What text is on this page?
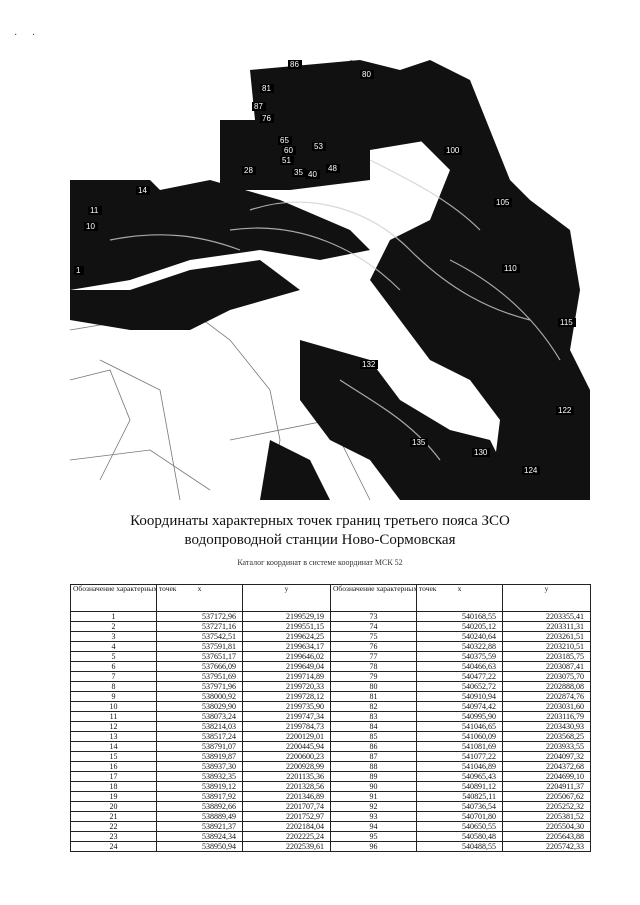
· ·
86
80
81
87
76
65
60	53
51
28	35 40
48
14
11
10
1
100
105
110
115
122
132
135
130
124
Координаты характерных точек границ третьего пояса ЗСО
водопроводной станции Ново-Сормовская
Каталог координат в системе координат МСК 52
Обозначение характерных точек	x	y	Обозначение характерных точек	x	y
1	537172,96	2199529,19	73	540168,55	2203355,41
2	537271,16	2199551,15	74	540205,12	2203311,31
3	537542,51	2199624,25	75	540240,64	2203261,51
4	537591,81	2199634,17	76	540322,88	2203210,51
5	537651,17	2199646,02	77	540375,59	2203185,75
6	537666,09	2199649,04	78	540466,63	2203087,41
7	537951,69	2199714,89	79	540477,22	2203075,70
8	537971,96	2199720,33	80	540652,72	2202888,08
9	538000,92	2199728,12	81	540910,94	2202874,76
10	538029,90	2199735,90	82	540974,42	2203031,60
11	538073,24	2199747,34	83	540995,90	2203116,79
12	538214,03	2199784,73	84	541046,65	2203430,93
13	538517,24	2200129,01	85	541060,09	2203568,25
14	538791,07	2200445,94	86	541081,69	2203933,55
15	538919,87	2200600,23	87	541077,22	2204097,32
16	538937,30	2200928,99	88	541046,89	2204372,68
17	538932,35	2201135,36	89	540965,43	2204699,10
18	538919,12	2201328,56	90	540891,12	2204911,37
19	538917,92	2201346,89	91	540825,11	2205067,62
20	538892,66	2201707,74	92	540736,54	2205252,32
21	538889,49	2201752,97	93	540701,80	2205381,52
22	538921,37	2202184,04	94	540650,55	2205504,30
23	538924,34	2202225,24	95	540580,48	2205643,88
24	538950,94	2202539,61	96	540488,55	2205742,33
